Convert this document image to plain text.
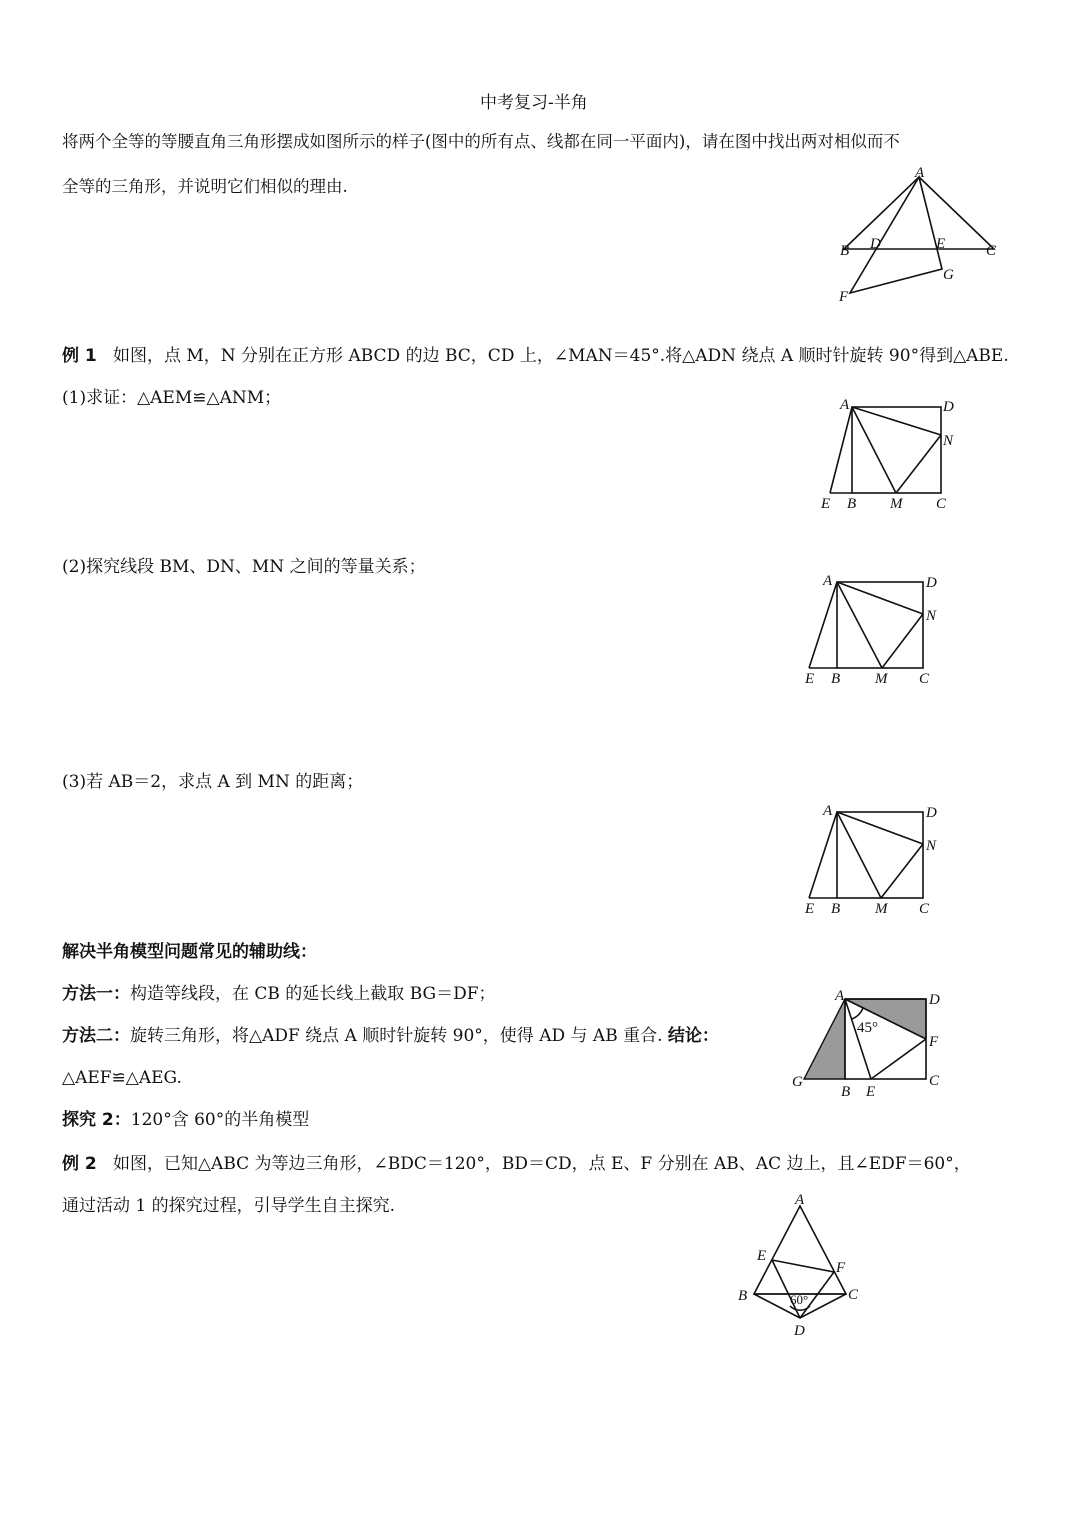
中考复习-半角
将两个全等的等腰直角三角形摆成如图所示的样子(图中的所有点、线都在同一平面内)，请在图中找出两对相似而不
全等的三角形，并说明它们相似的理由.
A
B	C
D	E
F
G
例 1 如图，点 M，N 分别在正方形 ABCD 的边 BC，CD 上，∠MAN＝45°.将△ADN 绕点 A 顺时针旋转 90°得到△ABE.
(1)求证：△AEM≌△ANM；	A	D
N
E B M C
(2)探究线段 BM、DN、MN 之间的等量关系；
A	D
N
E B M C
(3)若 AB＝2，求点 A 到 MN 的距离；
A	D
N
E B M C
解决半角模型问题常见的辅助线：
方法一：构造等线段，在 CB 的延长线上截取 BG＝DF；
方法二：旋转三角形，将△ADF 绕点 A 顺时针旋转 90°，使得 AD 与 AB 重合. 结论：
△AEF≌△AEG.
45°
A	D
F
C
G
B E
探究 2：120°含 60°的半角模型
例 2 如图，已知△ABC 为等边三角形，∠BDC＝120°，BD＝CD，点 E、F 分别在 AB、AC 边上，且∠EDF＝60°，
通过活动 1 的探究过程，引导学生自主探究.
60°
A
E
F
B	C
D
